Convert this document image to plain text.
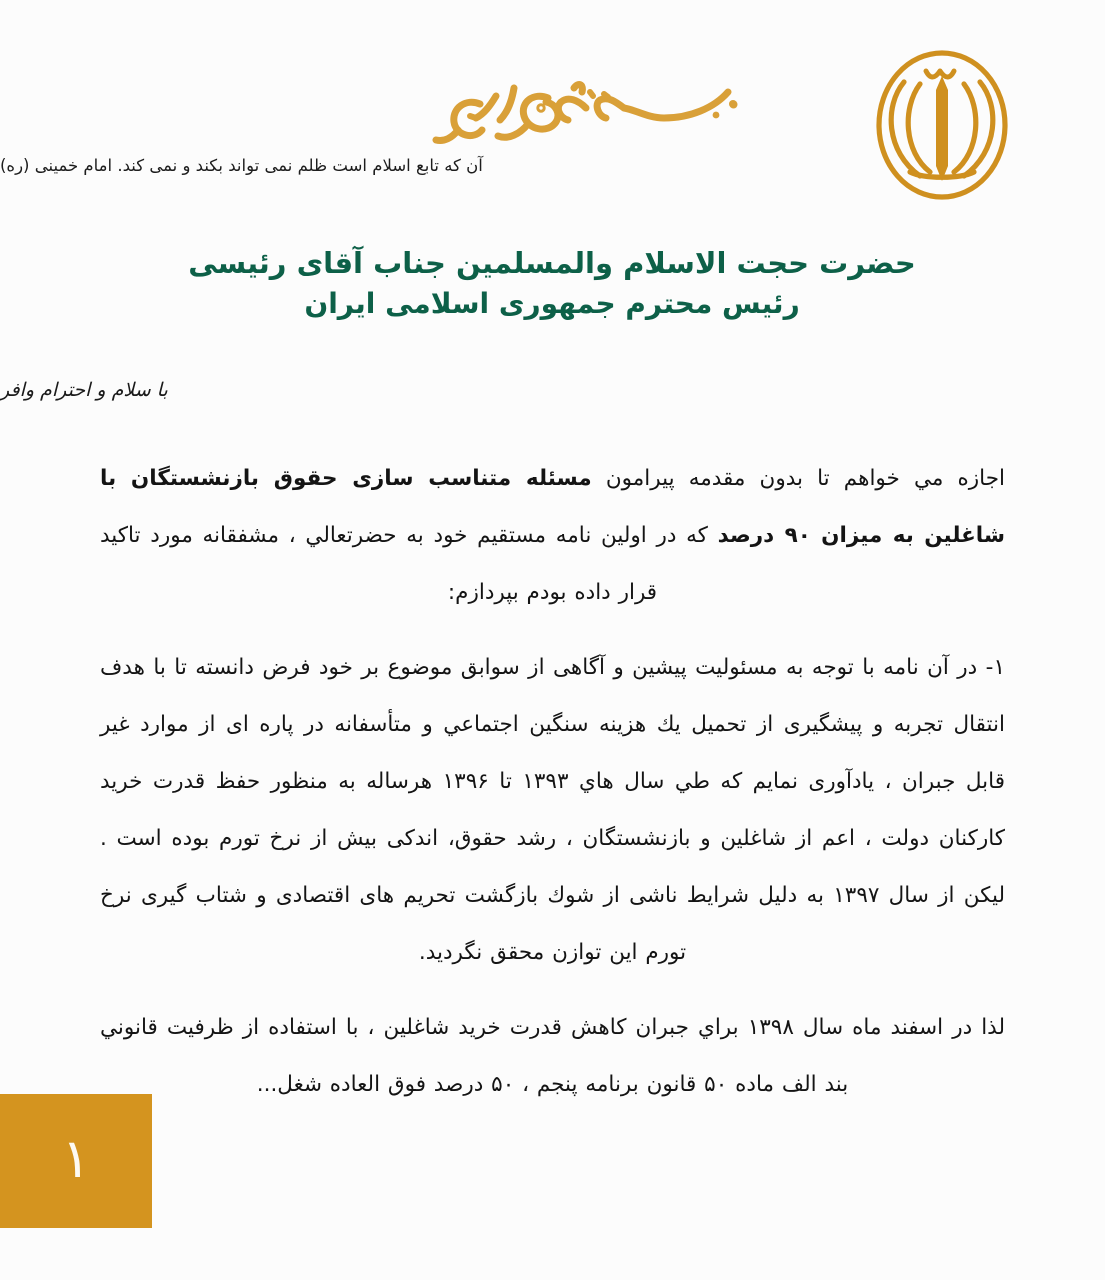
آن که تابع اسلام است ظلم نمی تواند بکند و نمی کند. امام خمینی (ره)
حضرت حجت الاسلام والمسلمین جناب آقای رئیسی
رئیس محترم جمهوری اسلامی ایران
با سلام و احترام وافر

اجازه مي خواهم تا بدون مقدمه پیرامون مسئله متناسب سازی حقوق بازنشستگان با شاغلین به میزان ۹۰ درصد که در اولین نامه مستقیم خود به حضرتعالي ، مشفقانه مورد تاکید قرار داده بودم بپردازم:

۱- در آن نامه با توجه به مسئولیت پیشین و آگاهی از سوابق موضوع بر خود فرض دانسته تا با هدف انتقال تجربه و پیشگیری از تحمیل يك هزینه سنگین اجتماعي و متأسفانه در پاره ای از موارد غیر قابل جبران ، یادآوری نمایم که طي سال هاي ۱۳۹۳ تا ۱۳۹۶ هرساله به منظور حفظ قدرت خرید کارکنان دولت ، اعم از شاغلین و بازنشستگان ، رشد حقوق، اندکی بیش از نرخ تورم بوده است . لیکن از سال ۱۳۹۷ به دلیل شرایط ناشی از شوك بازگشت تحریم های اقتصادی و شتاب گیری نرخ تورم این توازن محقق نگردید.

لذا در اسفند ماه سال ۱۳۹۸ براي جبران کاهش قدرت خرید شاغلین ، با استفاده از ظرفیت قانوني بند الف ماده ۵۰ قانون برنامه پنجم ، ۵۰ درصد فوق العاده شغل...

۱
